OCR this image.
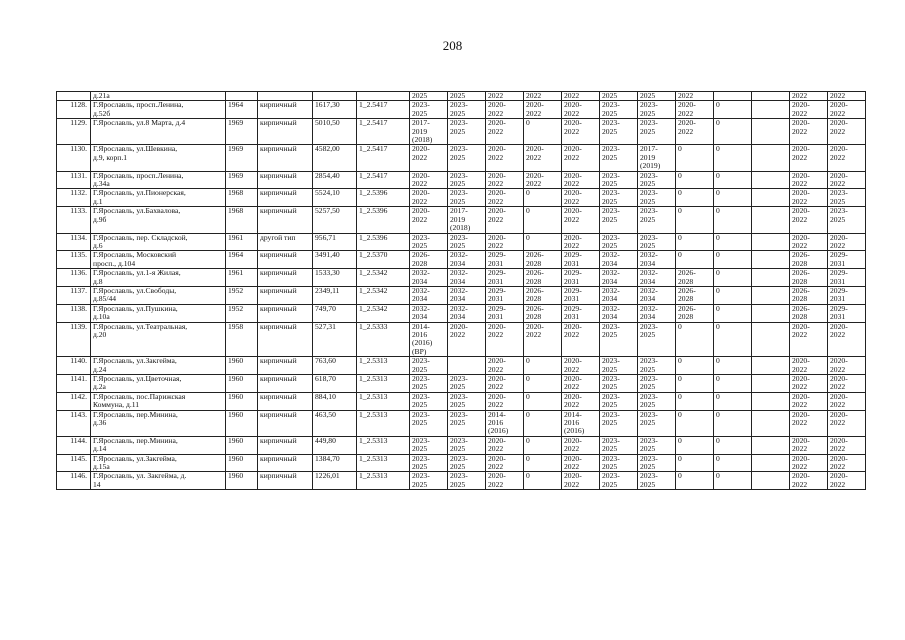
208
	д.21а					2025	2025	2022	2022	2022	2025	2025	2022			2022	2022
1128.	Г.Ярославль, просп.Ленина,
д.52б	1964	кирпичный	1617,30	1_2.5417	2023-
2025	2023-
2025	2020-
2022	2020-
2022	2020-
2022	2023-
2025	2023-
2025	2020-
2022	0		2020-
2022	2020-
2022
1129.	Г.Ярославль, ул.8 Марта, д.4	1969	кирпичный	5010,50	1_2.5417	2017-
2019
(2018)	2023-
2025	2020-
2022	0	2020-
2022	2023-
2025	2023-
2025	2020-
2022	0		2020-
2022	2020-
2022
1130.	Г.Ярославль, ул.Шевкина,
д.9, корп.1	1969	кирпичный	4582,00	1_2.5417	2020-
2022	2023-
2025	2020-
2022	2020-
2022	2020-
2022	2023-
2025	2017-
2019
(2019)	0	0		2020-
2022	2020-
2022
1131.	Г.Ярославль, просп.Ленина,
д.34а	1969	кирпичный	2854,40	1_2.5417	2020-
2022	2023-
2025	2020-
2022	2020-
2022	2020-
2022	2023-
2025	2023-
2025	0	0		2020-
2022	2020-
2022
1132.	Г.Ярославль, ул.Пионерская,
д.1	1968	кирпичный	5524,10	1_2.5396	2020-
2022	2023-
2025	2020-
2022	0	2020-
2022	2023-
2025	2023-
2025	0	0		2020-
2022	2023-
2025
1133.	Г.Ярославль, ул.Бахвалова,
д.9б	1968	кирпичный	5257,50	1_2.5396	2020-
2022	2017-
2019
(2018)	2020-
2022	0	2020-
2022	2023-
2025	2023-
2025	0	0		2020-
2022	2023-
2025
1134.	Г.Ярославль, пер. Складской,
д.6	1961	другой тип	956,71	1_2.5396	2023-
2025	2023-
2025	2020-
2022	0	2020-
2022	2023-
2025	2023-
2025	0	0		2020-
2022	2020-
2022
1135.	Г.Ярославль, Московский
просп., д.104	1964	кирпичный	3491,40	1_2.5370	2026-
2028	2032-
2034	2029-
2031	2026-
2028	2029-
2031	2032-
2034	2032-
2034	0	0		2026-
2028	2029-
2031
1136.	Г.Ярославль, ул.1-я Жилая,
д.8	1961	кирпичный	1533,30	1_2.5342	2032-
2034	2032-
2034	2029-
2031	2026-
2028	2029-
2031	2032-
2034	2032-
2034	2026-
2028	0		2026-
2028	2029-
2031
1137.	Г.Ярославль, ул.Свободы,
д.85/44	1952	кирпичный	2349,11	1_2.5342	2032-
2034	2032-
2034	2029-
2031	2026-
2028	2029-
2031	2032-
2034	2032-
2034	2026-
2028	0		2026-
2028	2029-
2031
1138.	Г.Ярославль, ул.Пушкина,
д.10а	1952	кирпичный	749,70	1_2.5342	2032-
2034	2032-
2034	2029-
2031	2026-
2028	2029-
2031	2032-
2034	2032-
2034	2026-
2028	0		2026-
2028	2029-
2031
1139.	Г.Ярославль, ул.Театральная,
д.20	1958	кирпичный	527,31	1_2.5333	2014-
2016
(2016)
(ВР)	2020-
2022	2020-
2022	2020-
2022	2020-
2022	2023-
2025	2023-
2025	0	0		2020-
2022	2020-
2022
1140.	Г.Ярославль, ул.Закгейма,
д.24	1960	кирпичный	763,60	1_2.5313	2023-
2025		2020-
2022	0	2020-
2022	2023-
2025	2023-
2025	0	0		2020-
2022	2020-
2022
1141.	Г.Ярославль, ул.Цветочная,
д.2а	1960	кирпичный	618,70	1_2.5313	2023-
2025	2023-
2025	2020-
2022	0	2020-
2022	2023-
2025	2023-
2025	0	0		2020-
2022	2020-
2022
1142.	Г.Ярославль, пос.Парижская
Коммуна, д.11	1960	кирпичный	884,10	1_2.5313	2023-
2025	2023-
2025	2020-
2022	0	2020-
2022	2023-
2025	2023-
2025	0	0		2020-
2022	2020-
2022
1143.	Г.Ярославль, пер.Минина,
д.36	1960	кирпичный	463,50	1_2.5313	2023-
2025	2023-
2025	2014-
2016
(2016)	0	2014-
2016
(2016)	2023-
2025	2023-
2025	0	0		2020-
2022	2020-
2022
1144.	Г.Ярославль, пер.Минина,
д.14	1960	кирпичный	449,80	1_2.5313	2023-
2025	2023-
2025	2020-
2022	0	2020-
2022	2023-
2025	2023-
2025	0	0		2020-
2022	2020-
2022
1145.	Г.Ярославль, ул.Закгейма,
д.15а	1960	кирпичный	1384,70	1_2.5313	2023-
2025	2023-
2025	2020-
2022	0	2020-
2022	2023-
2025	2023-
2025	0	0		2020-
2022	2020-
2022
1146.	Г.Ярославль, ул. Закгейма, д.
14	1960	кирпичный	1226,01	1_2.5313	2023-
2025	2023-
2025	2020-
2022	0	2020-
2022	2023-
2025	2023-
2025	0	0		2020-
2022	2020-
2022
